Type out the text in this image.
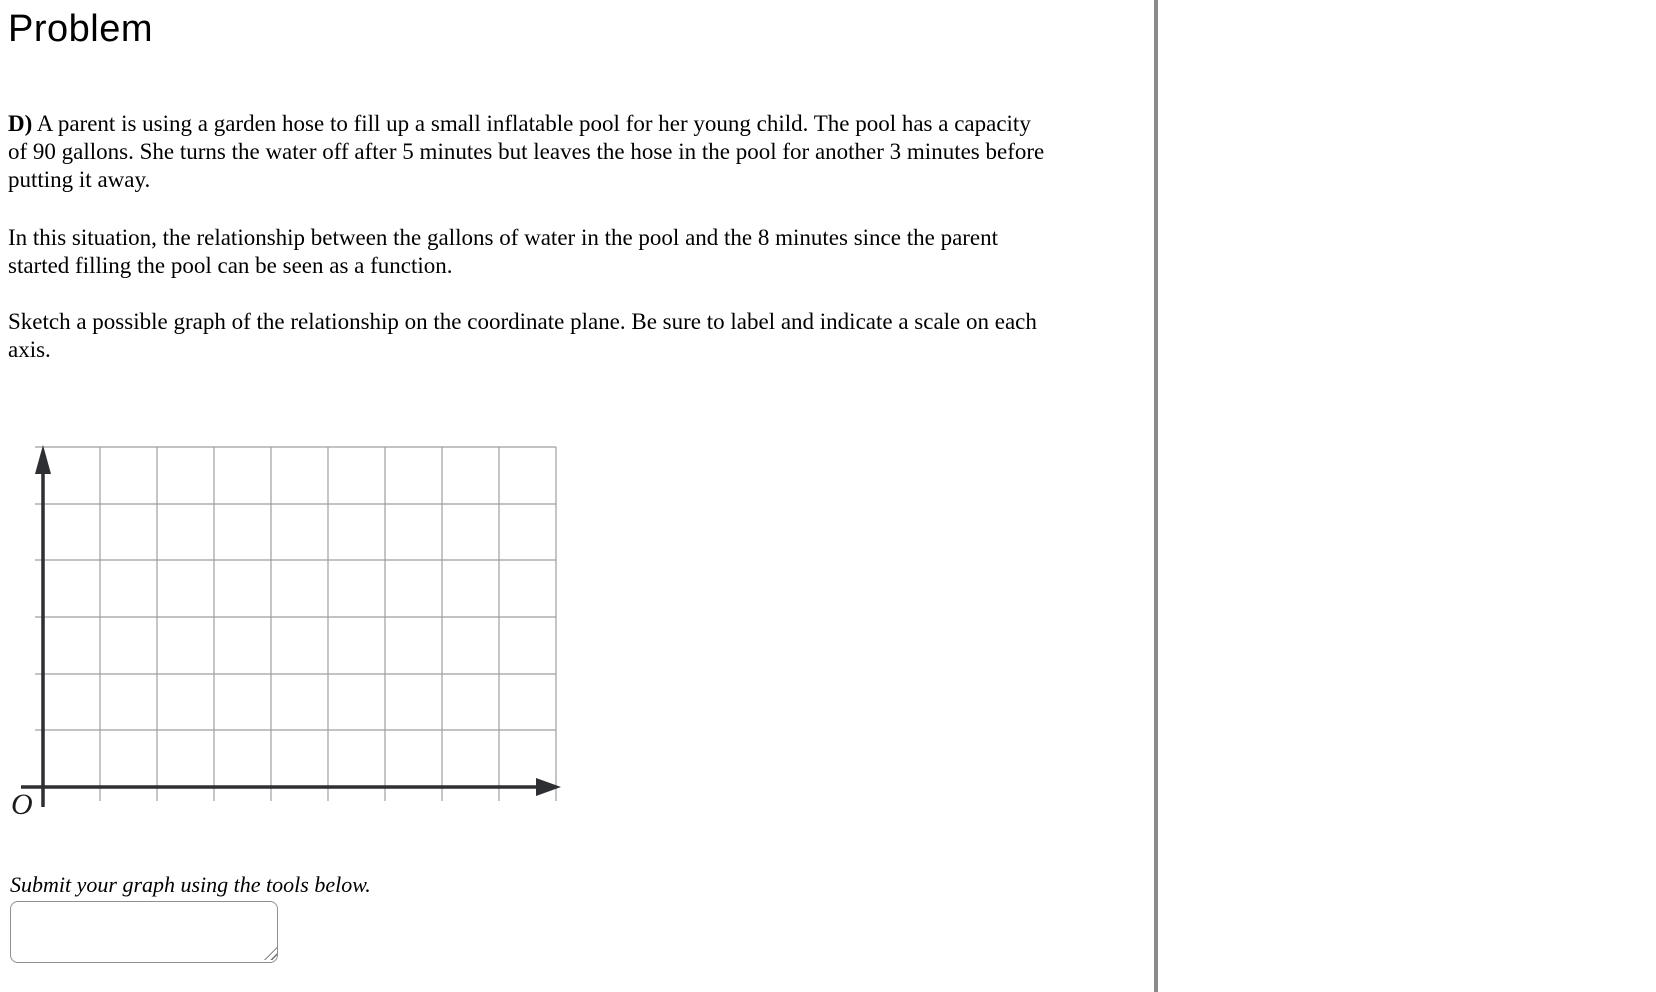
Problem
D) A parent is using a garden hose to fill up a small inflatable pool for her young child. The pool has a capacity of 90 gallons. She turns the water off after 5 minutes but leaves the hose in the pool for another 3 minutes before putting it away.
In this situation, the relationship between the gallons of water in the pool and the 8 minutes since the parent started filling the pool can be seen as a function.
Sketch a possible graph of the relationship on the coordinate plane. Be sure to label and indicate a scale on each axis.
O
Submit your graph using the tools below.
